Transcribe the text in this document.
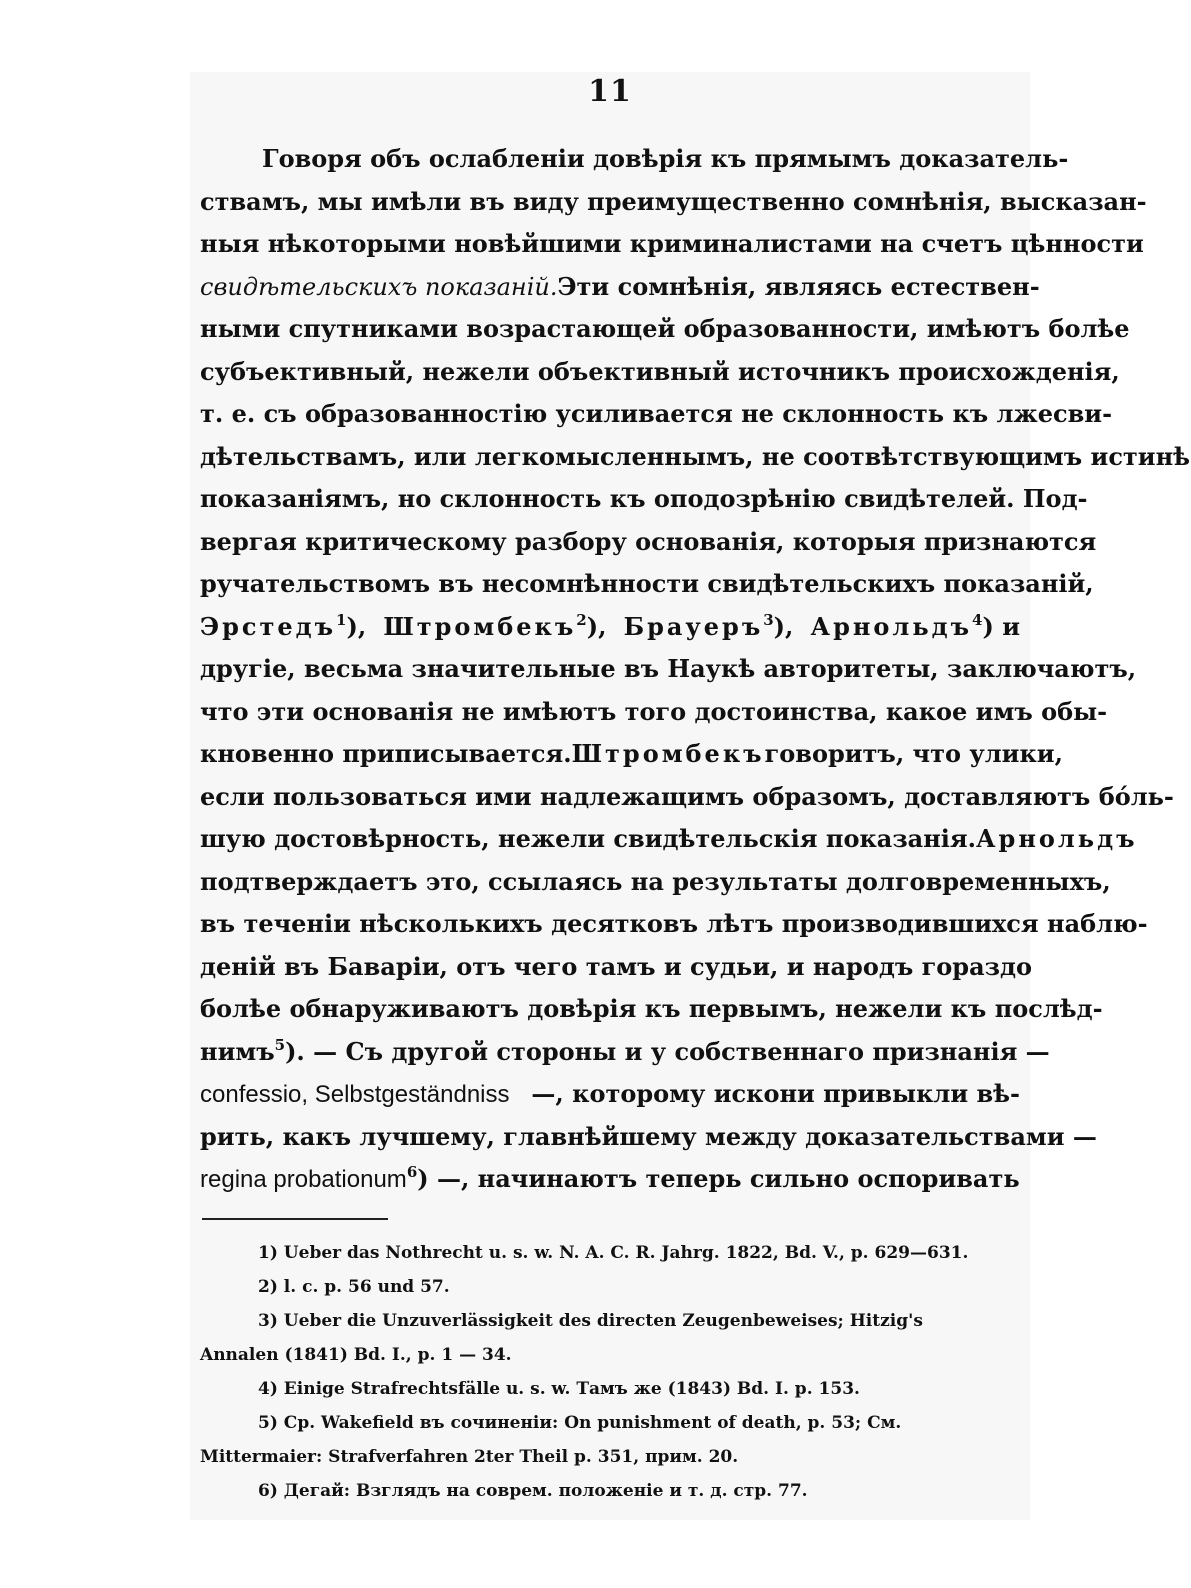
11
Говоря объ ослабленіи довѣрія къ прямымъ доказатель-
ствамъ, мы имѣли въ виду преимущественно сомнѣнія, высказан-
ныя нѣкоторыми новѣйшими криминалистами на счетъ цѣнности
свидѣтельскихъ показаній. Эти сомнѣнія, являясь естествен-
ными спутниками возрастающей образованности, имѣютъ болѣе
субъективный, нежели объективный источникъ происхожденія,
т. е. съ образованностію усиливается не склонность къ лжесви-
дѣтельствамъ, или легкомысленнымъ, не соотвѣтствующимъ истинѣ
показаніямъ, но склонность къ оподозрѣнію свидѣтелей. Под-
вергая критическому разбору основанія, которыя признаются
ручательствомъ въ несомнѣнности свидѣтельскихъ показаній,
Эрстедъ$^1$), Штромбекъ$^2$), Брауеръ$^3$), Арнольдъ$^4$) и
другіе, весьма значительные въ Наукѣ авторитеты, заключаютъ,
что эти основанія не имѣютъ того достоинства, какое имъ обы-
кновенно приписывается. Штромбекъ говоритъ, что улики,
если пользоваться ими надлежащимъ образомъ, доставляютъ бóль-
шую достовѣрность, нежели свидѣтельскія показанія. Арнольдъ
подтверждаетъ это, ссылаясь на результаты долговременныхъ,
въ теченіи нѣсколькихъ десятковъ лѣтъ производившихся наблю-
деній въ Баваріи, отъ чего тамъ и судьи, и народъ гораздо
болѣе обнаруживаютъ довѣрія къ первымъ, нежели къ послѣд-
нимъ$^5$). — Съ другой стороны и у собственнаго признанія —
confessio, Selbstgeständniss —, которому искони привыкли вѣ-
рить, какъ лучшему, главнѣйшему между доказательствами —
regina probationum$^6$) —, начинаютъ теперь сильно оспоривать
1) Ueber das Nothrecht u. s. w. N. A. C. R. Jahrg. 1822, Bd. V., p. 629—631.
2) l. c. p. 56 und 57.
3) Ueber die Unzuverlässigkeit des directen Zeugenbeweises; Hitzig's
Annalen (1841) Bd. I., p. 1 — 34.
4) Einige Strafrechtsfälle u. s. w. Тамъ же (1843) Bd. I. p. 153.
5) Cp. Wakefield въ сочиненіи: On punishment of death, p. 53; См.
Mittermaier: Strafverfahren 2ter Theil p. 351, прим. 20.
6) Дегай: Взглядъ на соврем. положеніе и т. д. стр. 77.
